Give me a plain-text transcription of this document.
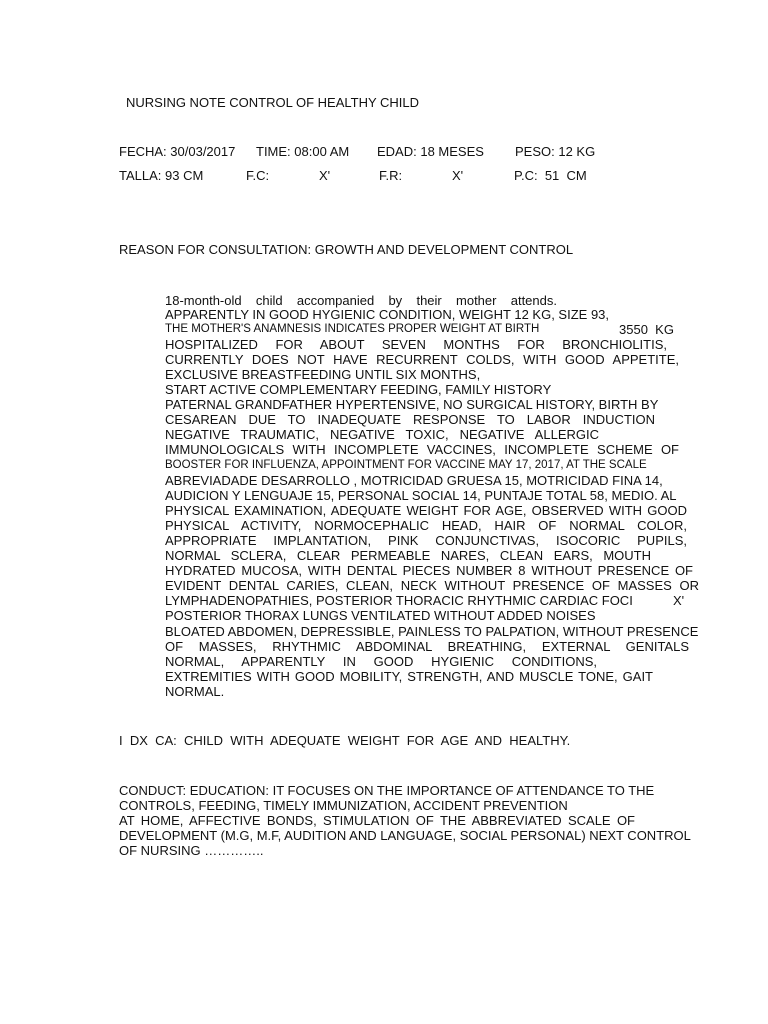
NURSING NOTE CONTROL OF HEALTHY CHILD
FECHA: 30/03/2017 TIME: 08:00 AM EDAD: 18 MESES PESO: 12 KG
TALLA: 93 CM	F.C:	X'	F.R:	X'	P.C:  51  CM
REASON FOR CONSULTATION: GROWTH AND DEVELOPMENT CONTROL
18-month-old child accompanied by their mother attends.
APPARENTLY IN GOOD HYGIENIC CONDITION, WEIGHT 12 KG, SIZE 93,
THE MOTHER'S ANAMNESIS INDICATES PROPER WEIGHT AT BIRTH	3550  KG
HOSPITALIZED FOR ABOUT SEVEN MONTHS FOR BRONCHIOLITIS,
CURRENTLY DOES NOT HAVE RECURRENT COLDS, WITH GOOD APPETITE,
EXCLUSIVE BREASTFEEDING UNTIL SIX MONTHS,
START ACTIVE COMPLEMENTARY FEEDING, FAMILY HISTORY
PATERNAL GRANDFATHER HYPERTENSIVE, NO SURGICAL HISTORY, BIRTH BY
CESAREAN DUE TO INADEQUATE RESPONSE TO LABOR INDUCTION
NEGATIVE TRAUMATIC, NEGATIVE TOXIC, NEGATIVE ALLERGIC
IMMUNOLOGICALS WITH INCOMPLETE VACCINES, INCOMPLETE SCHEME OF
BOOSTER FOR INFLUENZA, APPOINTMENT FOR VACCINE MAY 17, 2017, AT THE SCALE
ABREVIADADE DESARROLLO , MOTRICIDAD GRUESA 15, MOTRICIDAD FINA 14,
AUDICION Y LENGUAJE 15, PERSONAL SOCIAL 14, PUNTAJE TOTAL 58, MEDIO. AL
PHYSICAL EXAMINATION, ADEQUATE WEIGHT FOR AGE, OBSERVED WITH GOOD
PHYSICAL ACTIVITY, NORMOCEPHALIC HEAD, HAIR OF NORMAL COLOR,
APPROPRIATE IMPLANTATION, PINK CONJUNCTIVAS, ISOCORIC PUPILS,
NORMAL SCLERA, CLEAR PERMEABLE NARES, CLEAN EARS, MOUTH
HYDRATED MUCOSA, WITH DENTAL PIECES NUMBER 8 WITHOUT PRESENCE OF
EVIDENT DENTAL CARIES, CLEAN, NECK WITHOUT PRESENCE OF MASSES OR
LYMPHADENOPATHIES, POSTERIOR THORACIC RHYTHMIC CARDIAC FOCI	X'
POSTERIOR THORAX LUNGS VENTILATED WITHOUT ADDED NOISES
BLOATED ABDOMEN, DEPRESSIBLE, PAINLESS TO PALPATION, WITHOUT PRESENCE
OF MASSES, RHYTHMIC ABDOMINAL BREATHING, EXTERNAL GENITALS
NORMAL, APPARENTLY IN GOOD HYGIENIC CONDITIONS,
EXTREMITIES WITH GOOD MOBILITY, STRENGTH, AND MUSCLE TONE, GAIT
NORMAL.
I  DX  CA:  CHILD  WITH  ADEQUATE  WEIGHT  FOR  AGE  AND  HEALTHY.
CONDUCT: EDUCATION: IT FOCUSES ON THE IMPORTANCE OF ATTENDANCE TO THE
CONTROLS, FEEDING, TIMELY IMMUNIZATION, ACCIDENT PREVENTION
AT HOME, AFFECTIVE BONDS, STIMULATION OF THE ABBREVIATED SCALE OF
DEVELOPMENT (M.G, M.F, AUDITION AND LANGUAGE, SOCIAL PERSONAL) NEXT CONTROL
OF NURSING …………..
